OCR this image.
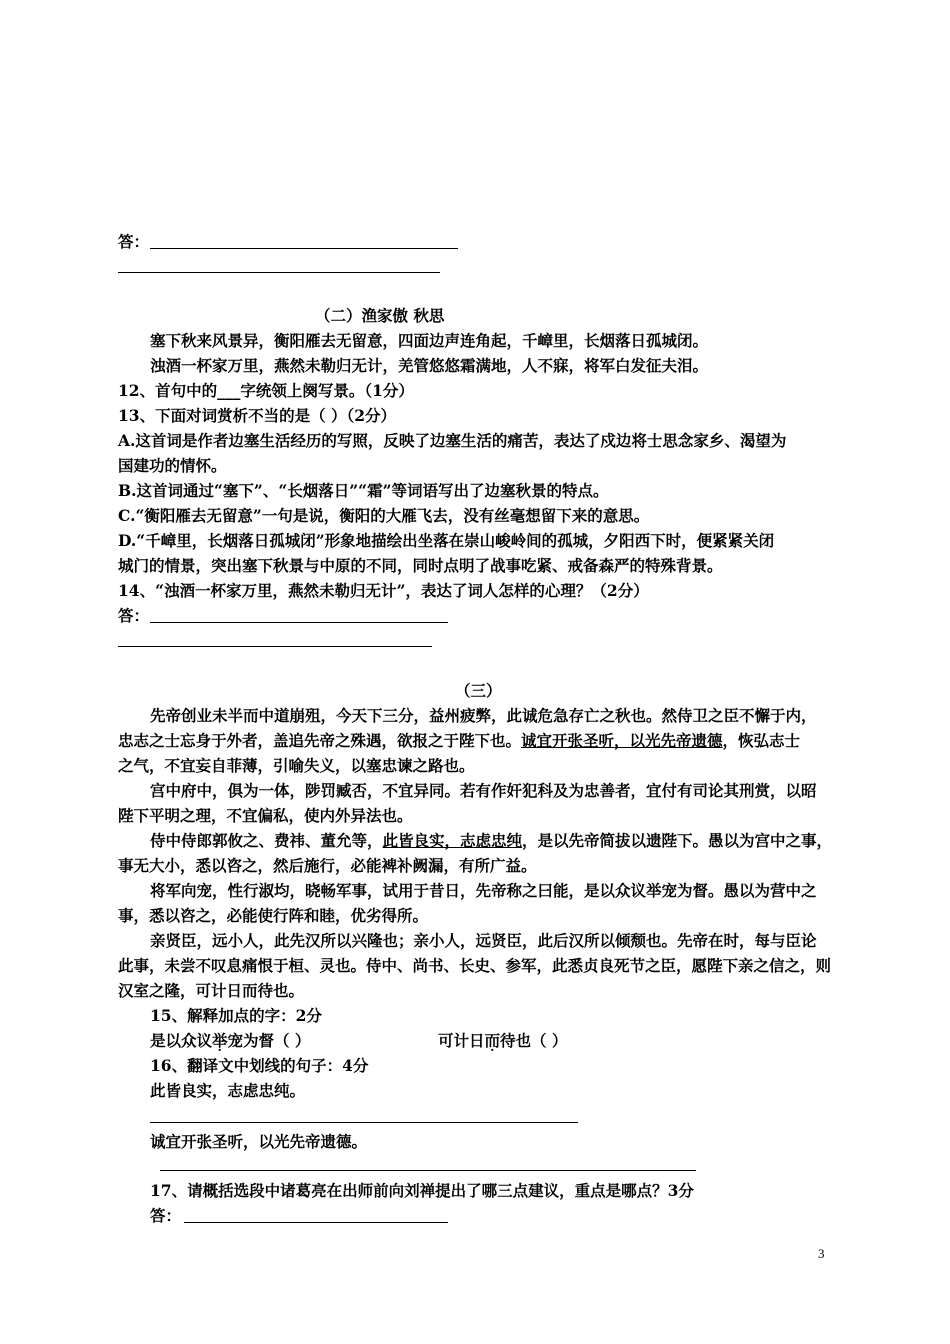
答：
（二）渔家傲 秋思
塞下秋来风景异，衡阳雁去无留意，四面边声连角起，千嶂里，长烟落日孤城闭。
浊酒一杯家万里，燕然未勒归无计，羌管悠悠霜满地，人不寐，将军白发征夫泪。
12、首句中的___字统领上阕写景。（1分）
13、下面对词赏析不当的是（ ）（2分）
A.这首词是作者边塞生活经历的写照，反映了边塞生活的痛苦，表达了戍边将士思念家乡、渴望为
国建功的情怀。
B.这首词通过“塞下”、“长烟落日”“霜”等词语写出了边塞秋景的特点。
C.“衡阳雁去无留意”一句是说，衡阳的大雁飞去，没有丝毫想留下来的意思。
D.“千嶂里，长烟落日孤城闭”形象地描绘出坐落在崇山峻岭间的孤城，夕阳西下时，便紧紧关闭
城门的情景，突出塞下秋景与中原的不同，同时点明了战事吃紧、戒备森严的特殊背景。
14、“浊酒一杯家万里，燕然未勒归无计”，表达了词人怎样的心理？（2分）
答：
（三）
先帝创业未半而中道崩殂，今天下三分，益州疲弊，此诚危急存亡之秋也。然侍卫之臣不懈于内，
忠志之士忘身于外者，盖追先帝之殊遇，欲报之于陛下也。诚宜开张圣听，以光先帝遗德，恢弘志士
之气，不宜妄自菲薄，引喻失义，以塞忠谏之路也。
宫中府中，俱为一体，陟罚臧否，不宜异同。若有作奸犯科及为忠善者，宜付有司论其刑赏，以昭
陛下平明之理，不宜偏私，使内外异法也。
侍中侍郎郭攸之、费祎、董允等，此皆良实，志虑忠纯，是以先帝简拔以遗陛下。愚以为宫中之事，
事无大小，悉以咨之，然后施行，必能裨补阙漏，有所广益。
将军向宠，性行淑均，晓畅军事，试用于昔日，先帝称之曰能，是以众议举宠为督。愚以为营中之
事，悉以咨之，必能使行阵和睦，优劣得所。
亲贤臣，远小人，此先汉所以兴隆也；亲小人，远贤臣，此后汉所以倾颓也。先帝在时，每与臣论
此事，未尝不叹息痛恨于桓、灵也。侍中、尚书、长史、参军，此悉贞良死节之臣，愿陛下亲之信之，则
汉室之隆，可计日而待也。
15、解释加点的字：2分
是以众议举宠为督（ ）	可计日而待也（ ）
16、翻译文中划线的句子：4分
此皆良实，志虑忠纯。
诚宜开张圣听，以光先帝遗德。
17、请概括选段中诸葛亮在出师前向刘禅提出了哪三点建议，重点是哪点？3分
答：
3
